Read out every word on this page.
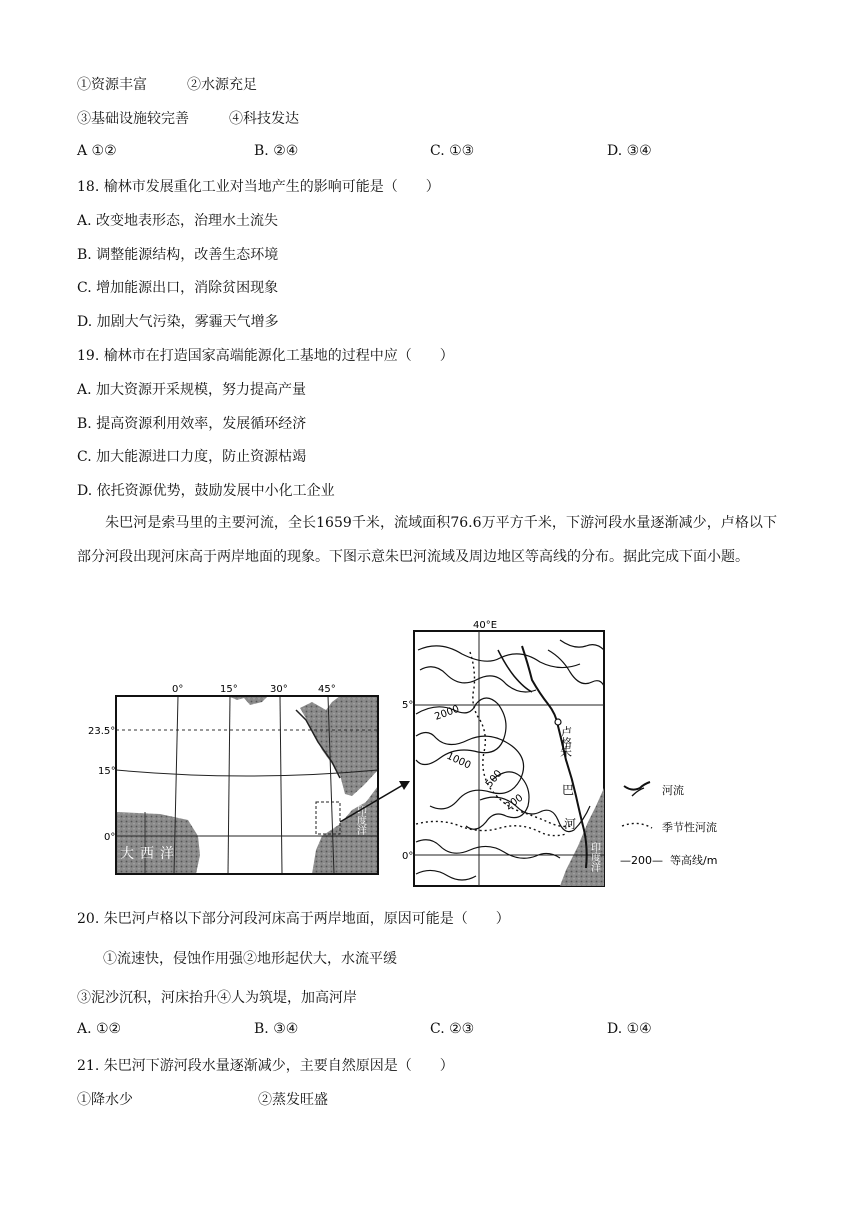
①资源丰富	②水源充足
③基础设施较完善	④科技发达
A ①②	B. ②④	C. ①③	D. ③④
18. 榆林市发展重化工业对当地产生的影响可能是（　　）
A. 改变地表形态，治理水土流失
B. 调整能源结构，改善生态环境
C. 增加能源出口，消除贫困现象
D. 加剧大气污染，雾霾天气增多
19. 榆林市在打造国家高端能源化工基地的过程中应（　　）
A. 加大资源开采规模，努力提高产量
B. 提高资源利用效率，发展循环经济
C. 加大能源进口力度，防止资源枯竭
D. 依托资源优势，鼓励发展中小化工企业
朱巴河是索马里的主要河流，全长1659千米，流域面积76.6万平方千米，下游河段水量逐渐减少，卢格以下部分河段出现河床高于两岸地面的现象。下图示意朱巴河流域及周边地区等高线的分布。据此完成下面小题。
0°	15°	30°	45°
23.5°
15°
0°
大西洋
印度洋
40°E
5°
0°
2000
1000
500
200
卢格
朱
巴
河
印度洋
河流
季节性河流
—200— 等高线/m
20. 朱巴河卢格以下部分河段河床高于两岸地面，原因可能是（　　）
①流速快，侵蚀作用强②地形起伏大，水流平缓
③泥沙沉积，河床抬升④人为筑堤，加高河岸
A. ①②	B. ③④	C. ②③	D. ①④
21. 朱巴河下游河段水量逐渐减少，主要自然原因是（　　）
①降水少	②蒸发旺盛
